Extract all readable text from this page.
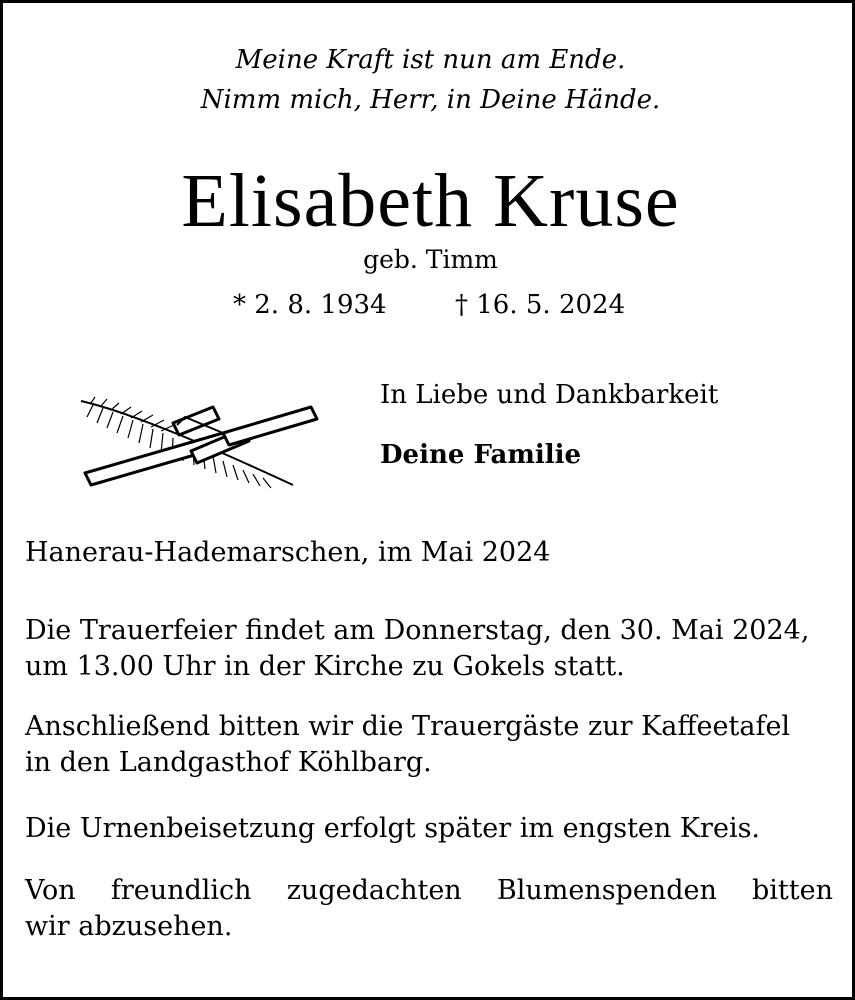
Meine Kraft ist nun am Ende.
Nimm mich, Herr, in Deine Hände.
Elisabeth Kruse
geb. Timm
* 2. 8. 1934	† 16. 5. 2024
In Liebe und Dankbarkeit
Deine Familie
Hanerau-Hademarschen, im Mai 2024
Die Trauerfeier findet am Donnerstag, den 30. Mai 2024,
um 13.00 Uhr in der Kirche zu Gokels statt.
Anschließend bitten wir die Trauergäste zur Kaffeetafel
in den Landgasthof Köhlbarg.
Die Urnenbeisetzung erfolgt später im engsten Kreis.
Von freundlich zugedachten Blumenspenden bitten
wir abzusehen.
